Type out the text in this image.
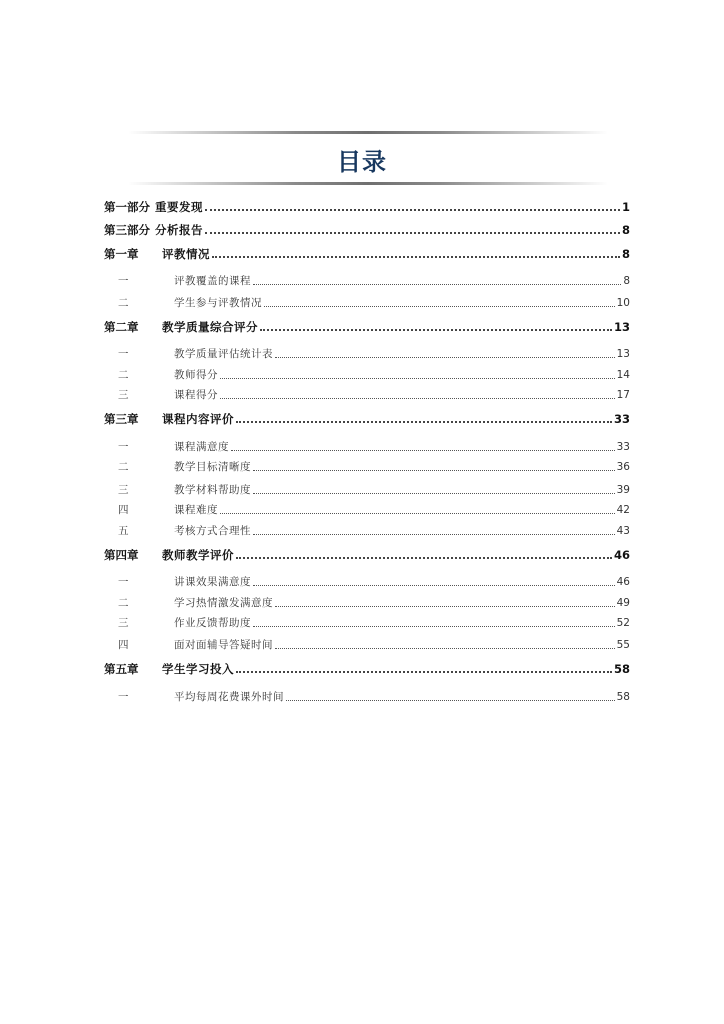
目录
第一部分 重要发现	1
第三部分 分析报告	8
第一章	评教情况	8
一	评教覆盖的课程	8
二	学生参与评教情况	10
第二章	教学质量综合评分	13
一	教学质量评估统计表	13
二	教师得分	14
三	课程得分	17
第三章	课程内容评价	33
一	课程满意度	33
二	教学目标清晰度	36
三	教学材料帮助度	39
四	课程难度	42
五	考核方式合理性	43
第四章	教师教学评价	46
一	讲课效果满意度	46
二	学习热情激发满意度	49
三	作业反馈帮助度	52
四	面对面辅导答疑时间	55
第五章	学生学习投入	58
一	平均每周花费课外时间	58
